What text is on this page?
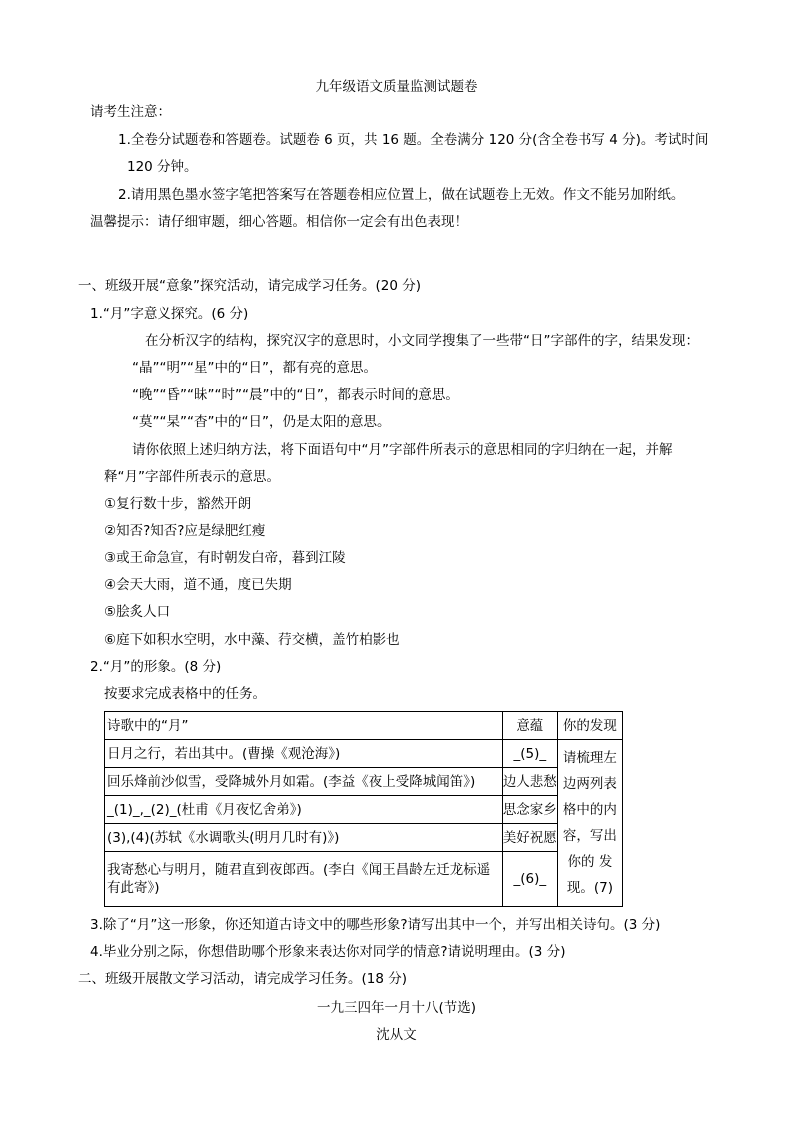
九年级语文质量监测试题卷
请考生注意：
1.全卷分试题卷和答题卷。试题卷 6 页，共 16 题。全卷满分 120 分(含全卷书写 4 分)。考试时间
120 分钟。
2.请用黑色墨水签字笔把答案写在答题卷相应位置上，做在试题卷上无效。作文不能另加附纸。
温馨提示：请仔细审题，细心答题。相信你一定会有出色表现！
一、班级开展“意象”探究活动，请完成学习任务。(20 分)
1.“月”字意义探究。(6 分)
在分析汉字的结构，探究汉字的意思时，小文同学搜集了一些带“日”字部件的字，结果发现：
“晶”“明”“星”中的“日”，都有亮的意思。
“晚”“昏”“昧”“时”“晨”中的“日”，都表示时间的意思。
“莫”“杲”“杳”中的“日”，仍是太阳的意思。
请你依照上述归纳方法，将下面语句中“月”字部件所表示的意思相同的字归纳在一起，并解
释“月”字部件所表示的意思。
①复行数十步，豁然开朗
②知否?知否?应是绿肥红瘦
③或王命急宣，有时朝发白帝，暮到江陵
④会天大雨，道不通，度已失期
⑤脍炙人口
⑥庭下如积水空明，水中藻、荇交横，盖竹柏影也
2.“月”的形象。(8 分)
按要求完成表格中的任务。
诗歌中的“月”	意蕴	你的发现
日月之行，若出其中。(曹操《观沧海》)	_(5)_	请梳理左边两列表格中的内容，写出你的 发现。(7)
回乐烽前沙似雪，受降城外月如霜。(李益《夜上受降城闻笛》)	边人悲愁	
_(1)_,_(2)_(杜甫《月夜忆舍弟》)	思念家乡	
(3),(4)(苏轼《水调歌头(明月几时有)》)	美好祝愿	
我寄愁心与明月，随君直到夜郎西。(李白《闻王昌龄左迁龙标遥有此寄》)	_(6)_	
3.除了“月”这一形象，你还知道古诗文中的哪些形象?请写出其中一个，并写出相关诗句。(3 分)
4.毕业分别之际，你想借助哪个形象来表达你对同学的情意?请说明理由。(3 分)
二、班级开展散文学习活动，请完成学习任务。(18 分)
一九三四年一月十八(节选)
沈从文
